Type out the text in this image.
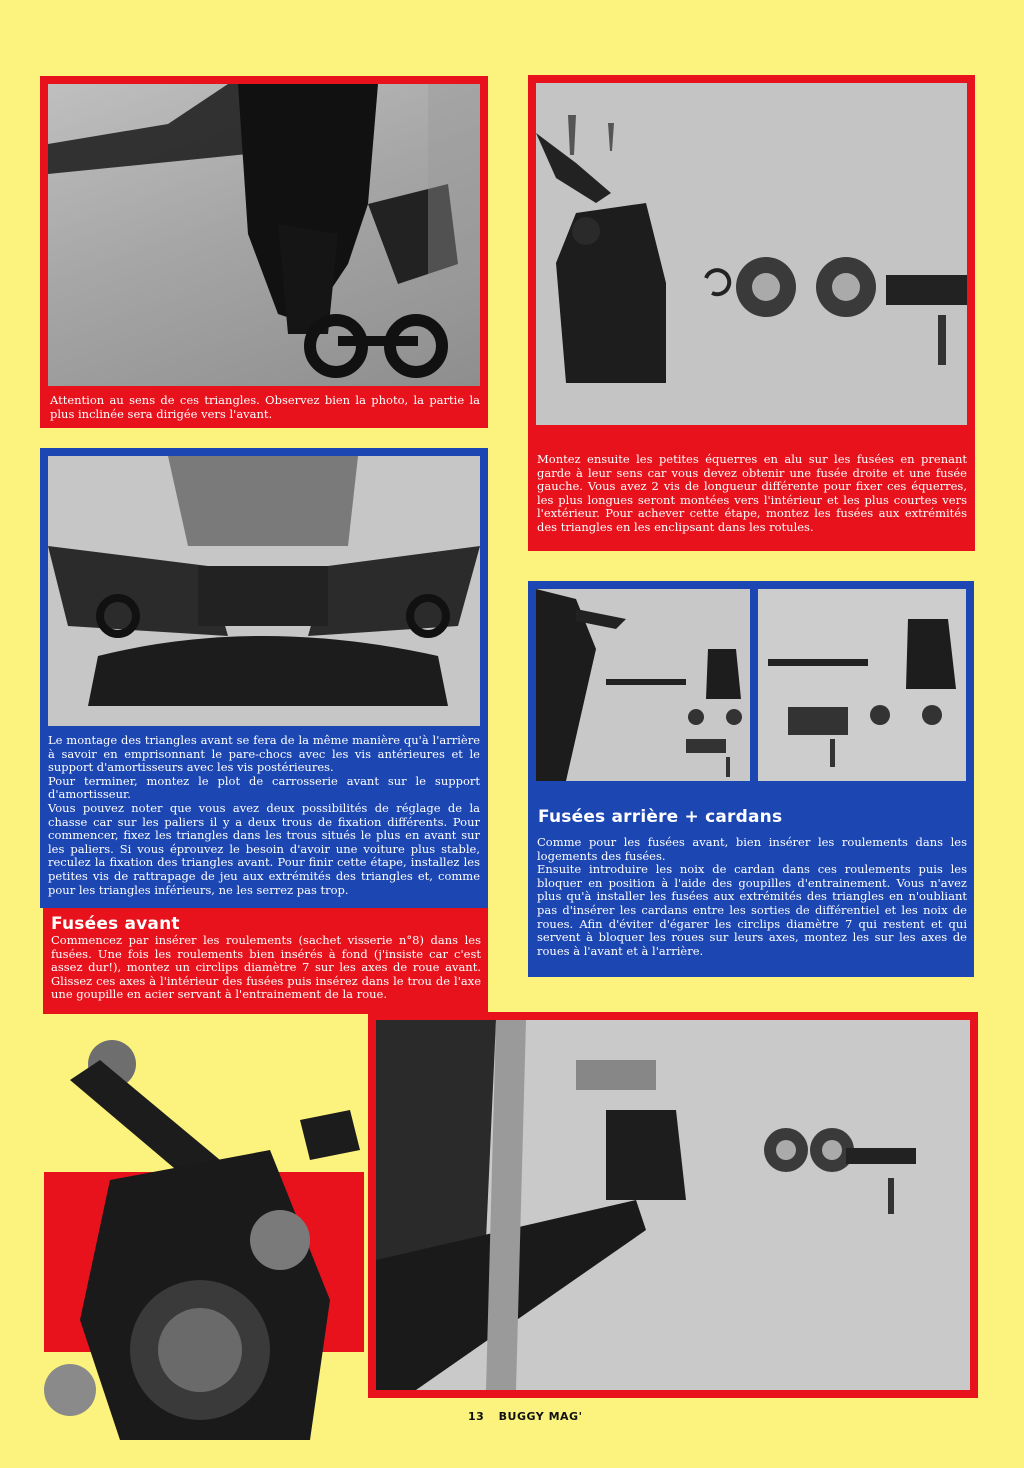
Attention au sens de ces triangles. Observez bien la photo, la partie la plus inclinée sera dirigée vers l'avant.
Montez ensuite les petites équerres en alu sur les fusées en prenant garde à leur sens car vous devez obtenir une fusée droite et une fusée gauche. Vous avez 2 vis de longueur différente pour fixer ces équerres, les plus longues seront montées vers l'intérieur et les plus courtes vers l'extérieur. Pour achever cette étape, montez les fusées aux extrémités des triangles en les enclipsant dans les rotules.
Le montage des triangles avant se fera de la même manière qu'à l'arrière à savoir en emprisonnant le pare-chocs avec les vis antérieures et le support d'amortisseurs avec les vis postérieures.
Pour terminer, montez le plot de carrosserie avant sur le support d'amortisseur.
Vous pouvez noter que vous avez deux possibilités de réglage de la chasse car sur les paliers il y a deux trous de fixation différents. Pour commencer, fixez les triangles dans les trous situés le plus en avant sur les paliers. Si vous éprouvez le besoin d'avoir une voiture plus stable, reculez la fixation des triangles avant. Pour finir cette étape, installez les petites vis de rattrapage de jeu aux extrémités des triangles et, comme pour les triangles inférieurs, ne les serrez pas trop.
Fusées avant
Commencez par insérer les roulements (sachet visserie n°8) dans les fusées. Une fois les roulements bien insérés à fond (j'insiste car c'est assez dur!), montez un circlips diamètre 7 sur les axes de roue avant. Glissez ces axes à l'intérieur des fusées puis insérez dans le trou de l'axe une goupille en acier servant à l'entrainement de la roue.
Fusées arrière + cardans
Comme pour les fusées avant, bien insérer les roulements dans les logements des fusées.
Ensuite introduire les noix de cardan dans ces roulements puis les bloquer en position à l'aide des goupilles d'entrainement. Vous n'avez plus qu'à installer les fusées aux extrémités des triangles en n'oubliant pas d'insérer les cardans entre les sorties de différentiel et les noix de roues. Afin d'éviter d'égarer les circlips diamètre 7 qui restent et qui servent à bloquer les roues sur leurs axes, montez les sur les axes de roues à l'avant et à l'arrière.
13 BUGGY MAG'
